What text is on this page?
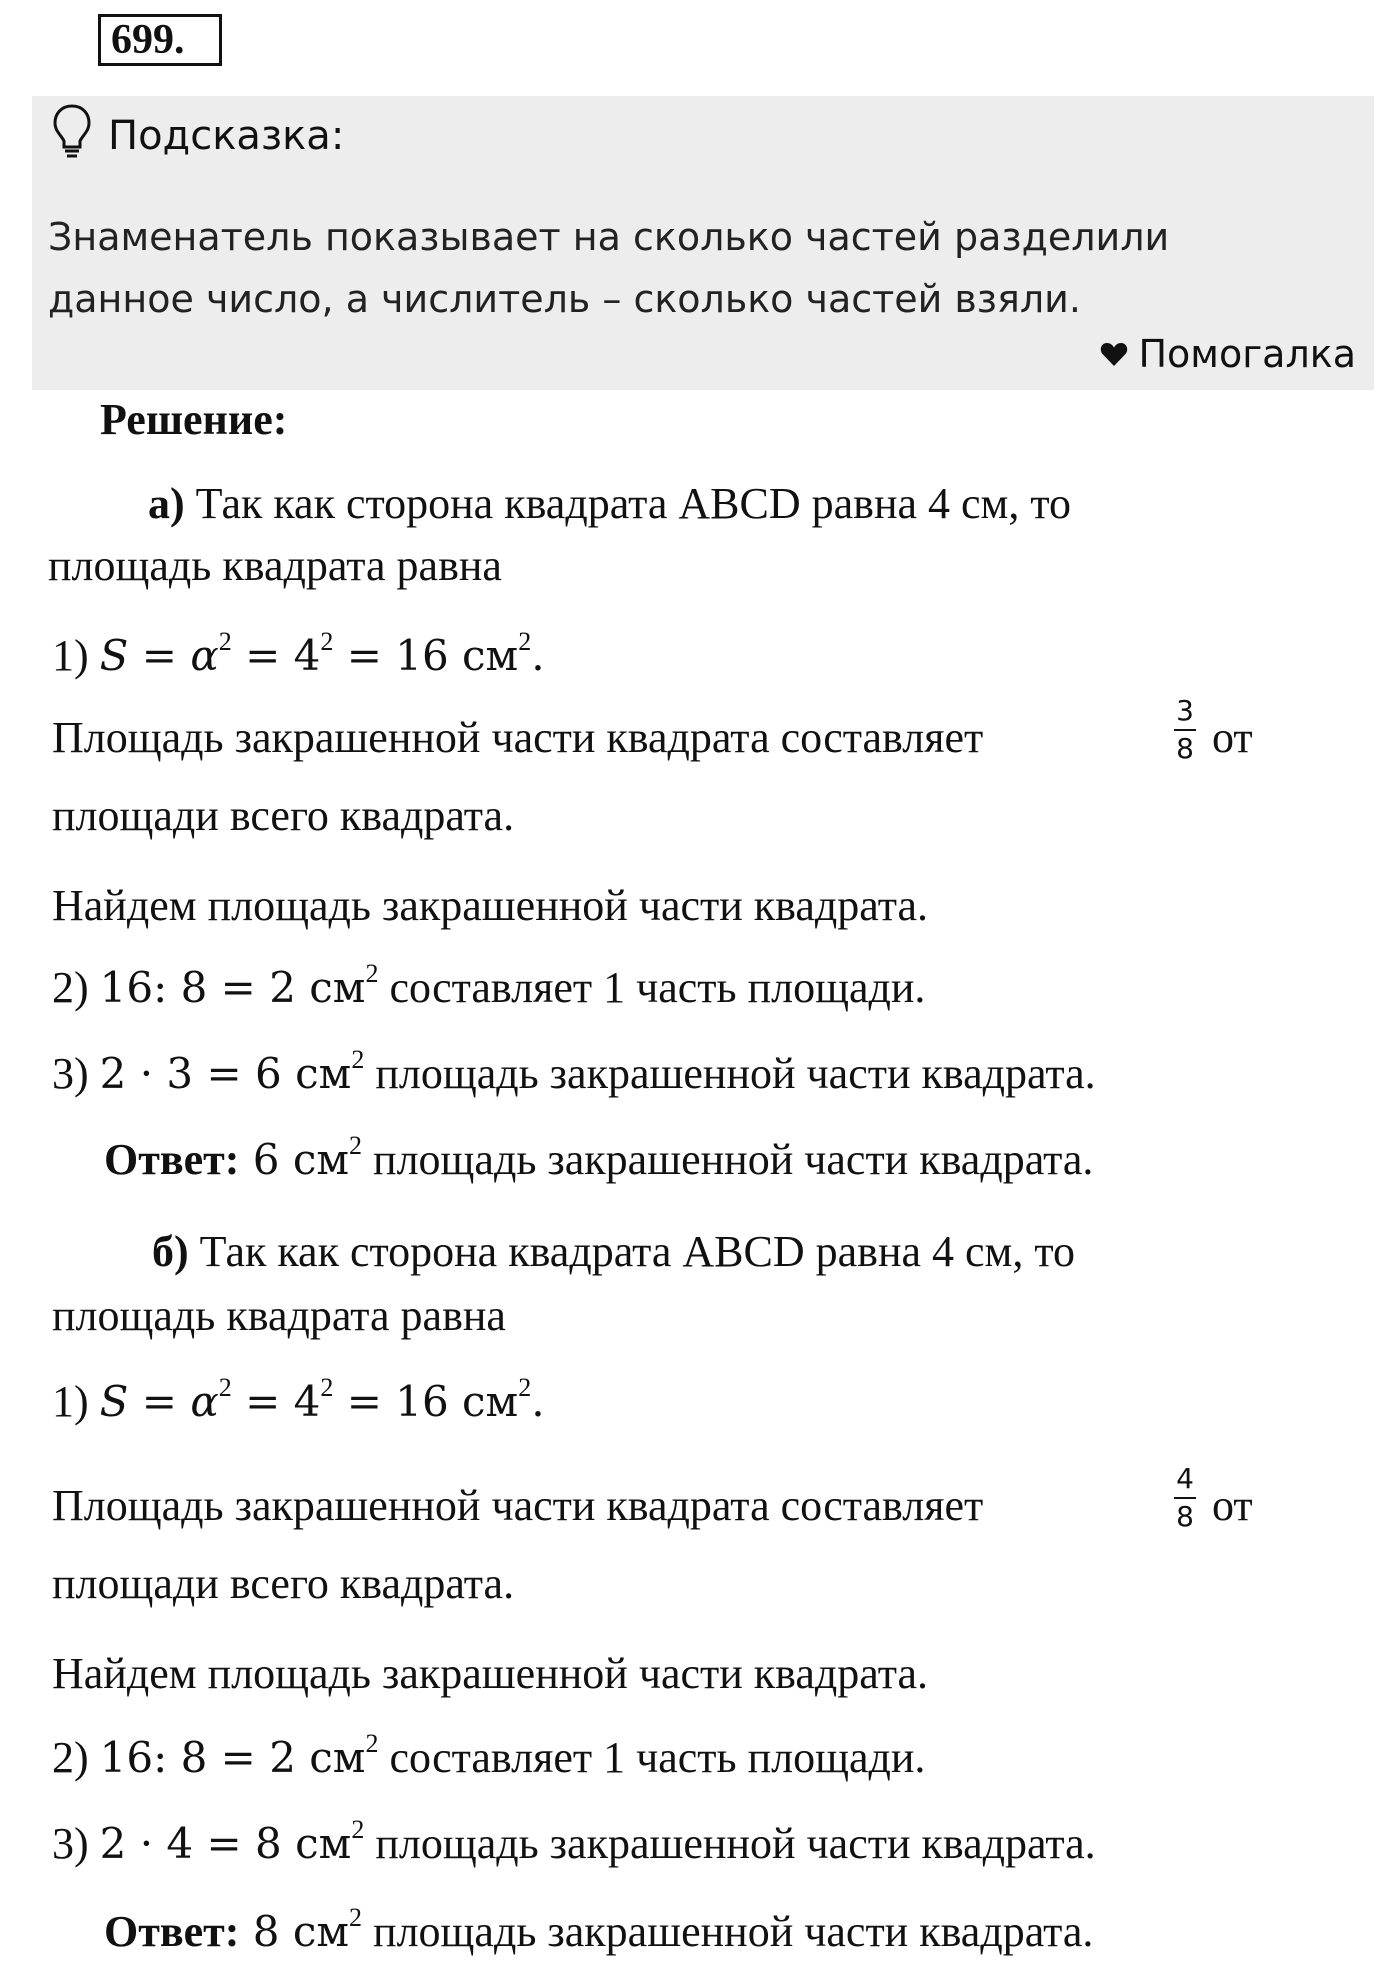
699.
Подсказка:
Знаменатель показывает на сколько частей разделили
данное число, а числитель – сколько частей взяли.
Помогалка
Решение:
а) Так как сторона квадрата ABCD равна 4 см, то
площадь квадрата равна
1) $S = \alpha^2 = 4^2 = 16$ $см^2$.
Площадь закрашенной части квадрата составляет
3
8 от
площади всего квадрата.
Найдем площадь закрашенной части квадрата.
2) 16: 8 = 2 $см^2$ составляет 1 часть площади.
3) 2 · 3 = 6 $см^2$ площадь закрашенной части квадрата.
Ответ: 6 $см^2$ площадь закрашенной части квадрата.
б) Так как сторона квадрата ABCD равна 4 см, то
площадь квадрата равна
1) $S = \alpha^2 = 4^2 = 16$ $см^2$.
Площадь закрашенной части квадрата составляет
4
8 от
площади всего квадрата.
Найдем площадь закрашенной части квадрата.
2) 16: 8 = 2 $см^2$ составляет 1 часть площади.
3) 2 · 4 = 8 $см^2$ площадь закрашенной части квадрата.
Ответ: 8 $см^2$ площадь закрашенной части квадрата.
